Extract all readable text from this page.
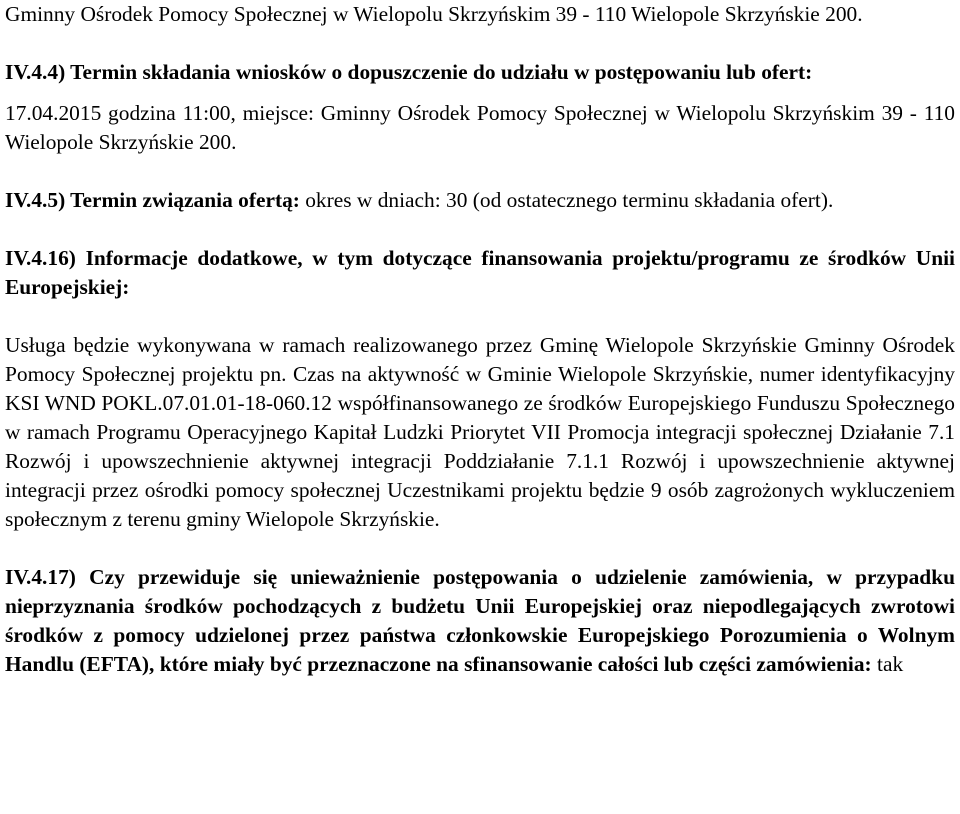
Gminny Ośrodek Pomocy Społecznej w Wielopolu Skrzyńskim 39 - 110 Wielopole Skrzyńskie 200.

IV.4.4) Termin składania wniosków o dopuszczenie do udziału w postępowaniu lub ofert:

17.04.2015 godzina 11:00, miejsce: Gminny Ośrodek Pomocy Społecznej w Wielopolu Skrzyńskim 39 - 110 Wielopole Skrzyńskie 200.

IV.4.5) Termin związania ofertą: okres w dniach: 30 (od ostatecznego terminu składania ofert).

IV.4.16) Informacje dodatkowe, w tym dotyczące finansowania projektu/programu ze środków Unii Europejskiej:

Usługa będzie wykonywana w ramach realizowanego przez Gminę Wielopole Skrzyńskie Gminny Ośrodek Pomocy Społecznej projektu pn. Czas na aktywność w Gminie Wielopole Skrzyńskie, numer identyfikacyjny KSI WND POKL.07.01.01-18-060.12 współfinansowanego ze środków Europejskiego Funduszu Społecznego w ramach Programu Operacyjnego Kapitał Ludzki Priorytet VII Promocja integracji społecznej Działanie 7.1 Rozwój i upowszechnienie aktywnej integracji Poddziałanie 7.1.1 Rozwój i upowszechnienie aktywnej integracji przez ośrodki pomocy społecznej Uczestnikami projektu będzie 9 osób zagrożonych wykluczeniem społecznym z terenu gminy Wielopole Skrzyńskie.

IV.4.17) Czy przewiduje się unieważnienie postępowania o udzielenie zamówienia, w przypadku nieprzyznania środków pochodzących z budżetu Unii Europejskiej oraz niepodlegających zwrotowi środków z pomocy udzielonej przez państwa członkowskie Europejskiego Porozumienia o Wolnym Handlu (EFTA), które miały być przeznaczone na sfinansowanie całości lub części zamówienia: tak
